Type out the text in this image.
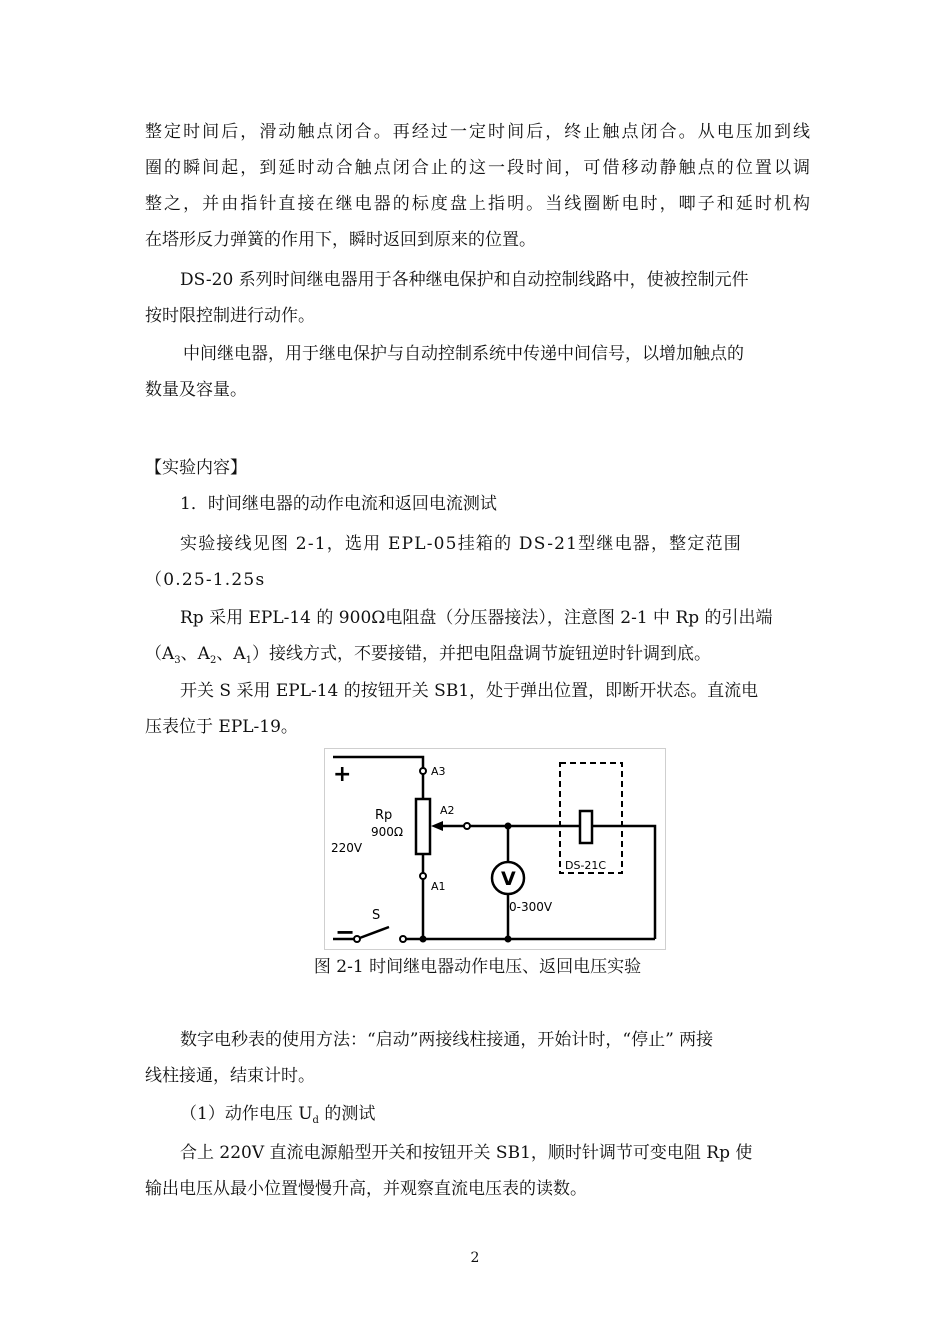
整定时间后，滑动触点闭合。再经过一定时间后，终止触点闭合。从电压加到线
圈的瞬间起，到延时动合触点闭合止的这一段时间，可借移动静触点的位置以调
整之，并由指针直接在继电器的标度盘上指明。当线圈断电时，唧子和延时机构
在塔形反力弹簧的作用下，瞬时返回到原来的位置。

DS-20 系列时间继电器用于各种继电保护和自动控制线路中，使被控制元件
按时限控制进行动作。

中间继电器，用于继电保护与自动控制系统中传递中间信号，以增加触点的
数量及容量。

【实验内容】

1．时间继电器的动作电流和返回电流测试

实验接线见图 2-1，选用 EPL-05挂箱的 DS-21型继电器，整定范围
（0.25-1.25s

Rp 采用 EPL-14 的 900Ω电阻盘（分压器接法），注意图 2-1 中 Rp 的引出端
（$A_3$、$A_2$、$A_1$）接线方式，不要接错，并把电阻盘调节旋钮逆时针调到底。

开关 S 采用 EPL-14 的按钮开关 SB1，处于弹出位置，即断开状态。直流电
压表位于 EPL-19。

+
−
A3
A2
A1
Rp
900Ω
220V
S
V
0-300V
DS-21C
图 2-1 时间继电器动作电压、返回电压实验

数字电秒表的使用方法：“启动”两接线柱接通，开始计时，“停止” 两接
线柱接通，结束计时。

（1）动作电压 $U_d$ 的测试

合上 220V 直流电源船型开关和按钮开关 SB1，顺时针调节可变电阻 Rp 使
输出电压从最小位置慢慢升高，并观察直流电压表的读数。

2
